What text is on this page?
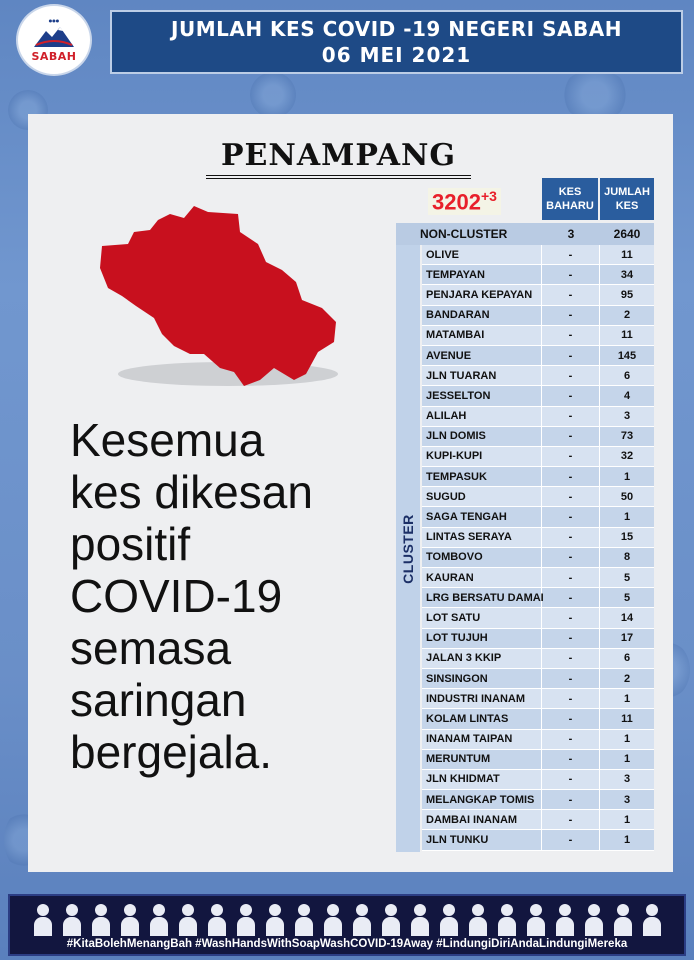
●●●
SABAH
JUMLAH KES COVID -19 NEGERI SABAH
06 MEI 2021
PENAMPANG
Kesemua
kes dikesan
positif
COVID-19
semasa
saringan
bergejala.
$3202^{+3}$	KES BAHARU
JUMLAH KES
NON-CLUSTER	3	2640
CLUSTER
OLIVE	-	11
TEMPAYAN	-	34
PENJARA KEPAYAN	-	95
BANDARAN	-	2
MATAMBAI	-	11
AVENUE	-	145
JLN TUARAN	-	6
JESSELTON	-	4
ALILAH	-	3
JLN DOMIS	-	73
KUPI-KUPI	-	32
TEMPASUK	-	1
SUGUD	-	50
SAGA TENGAH	-	1
LINTAS SERAYA	-	15
TOMBOVO	-	8
KAURAN	-	5
LRG BERSATU DAMAI	-	5
LOT SATU	-	14
LOT TUJUH	-	17
JALAN 3 KKIP	-	6
SINSINGON	-	2
INDUSTRI INANAM	-	1
KOLAM LINTAS	-	11
INANAM TAIPAN	-	1
MERUNTUM	-	1
JLN KHIDMAT	-	3
MELANGKAP TOMIS	-	3
DAMBAI INANAM	-	1
JLN TUNKU	-	1
#KitaBolehMenangBah #WashHandsWithSoapWashCOVID-19Away #LindungiDiriAndaLindungiMereka
